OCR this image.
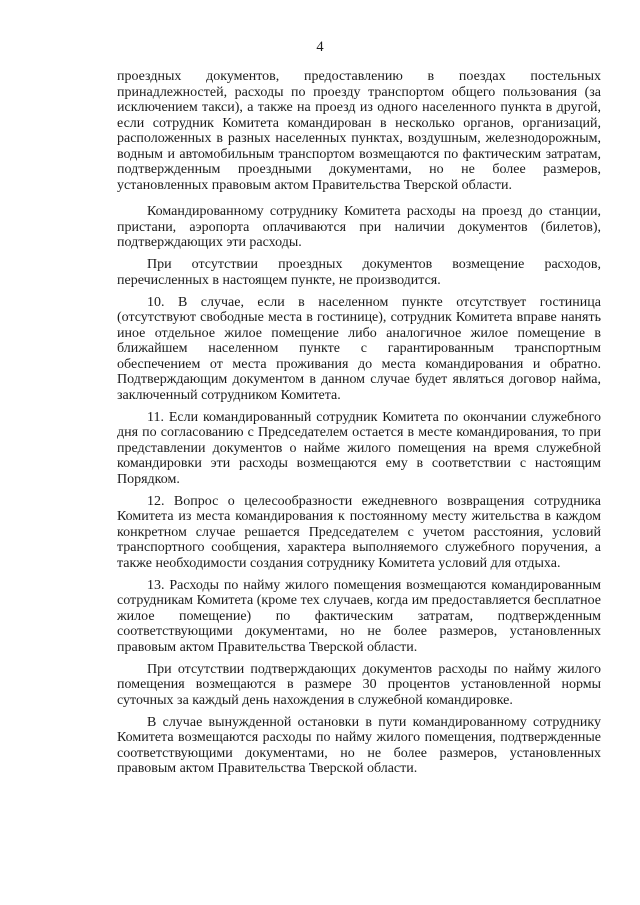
4

проездных документов, предоставлению в поездах постельных принадлежностей, расходы по проезду транспортом общего пользования (за исключением такси), а также на проезд из одного населенного пункта в другой, если сотрудник Комитета командирован в несколько органов, организаций, расположенных в разных населенных пунктах, воздушным, железнодорожным, водным и автомобильным транспортом возмещаются по фактическим затратам, подтвержденным проездными документами, но не более размеров, установленных правовым актом Правительства Тверской области.

Командированному сотруднику Комитета расходы на проезд до станции, пристани, аэропорта оплачиваются при наличии документов (билетов), подтверждающих эти расходы.

При отсутствии проездных документов возмещение расходов, перечисленных в настоящем пункте, не производится.

10. В случае, если в населенном пункте отсутствует гостиница (отсутствуют свободные места в гостинице), сотрудник Комитета вправе нанять иное отдельное жилое помещение либо аналогичное жилое помещение в ближайшем населенном пункте с гарантированным транспортным обеспечением от места проживания до места командирования и обратно. Подтверждающим документом в данном случае будет являться договор найма, заключенный сотрудником Комитета.

11. Если командированный сотрудник Комитета по окончании служебного дня по согласованию с Председателем остается в месте командирования, то при представлении документов о найме жилого помещения на время служебной командировки эти расходы возмещаются ему в соответствии с настоящим Порядком.

12. Вопрос о целесообразности ежедневного возвращения сотрудника Комитета из места командирования к постоянному месту жительства в каждом конкретном случае решается Председателем с учетом расстояния, условий транспортного сообщения, характера выполняемого служебного поручения, а также необходимости создания сотруднику Комитета условий для отдыха.

13. Расходы по найму жилого помещения возмещаются командированным сотрудникам Комитета (кроме тех случаев, когда им предоставляется бесплатное жилое помещение) по фактическим затратам, подтвержденным соответствующими документами, но не более размеров, установленных правовым актом Правительства Тверской области.

При отсутствии подтверждающих документов расходы по найму жилого помещения возмещаются в размере 30 процентов установленной нормы суточных за каждый день нахождения в служебной командировке.

В случае вынужденной остановки в пути командированному сотруднику Комитета возмещаются расходы по найму жилого помещения, подтвержденные соответствующими документами, но не более размеров, установленных правовым актом Правительства Тверской области.
